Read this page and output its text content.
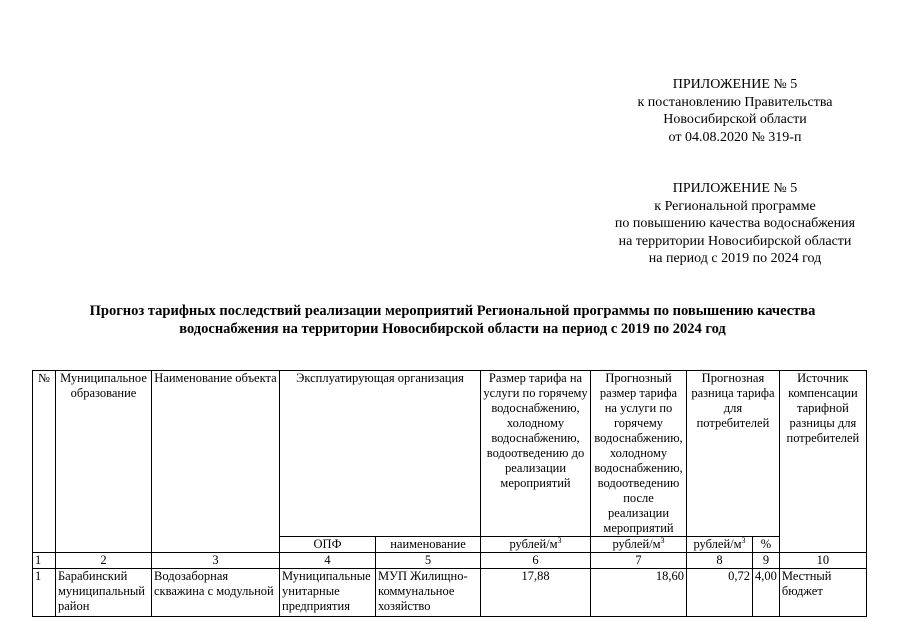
ПРИЛОЖЕНИЕ № 5
к постановлению Правительства
Новосибирской области
от 04.08.2020 № 319-п
ПРИЛОЖЕНИЕ № 5
к Региональной программе
по повышению качества водоснабжения
на территории Новосибирской области
на период с 2019 по 2024 год
Прогноз тарифных последствий реализации мероприятий Региональной программы по повышению качества
водоснабжения на территории Новосибирской области на период с 2019 по 2024 год
№	Муниципальное образование	Наименование объекта	Эксплуатирующая организация		Размер тарифа на услуги по горячему водоснабжению, холодному водоснабжению, водоотведению до реализации мероприятий	Прогнозный размер тарифа на услуги по горячему водоснабжению, холодному водоснабжению, водоотведению после реализации мероприятий	Прогнозная разница тарифа для потребителей		Источник компенсации тарифной разницы для потребителей
			ОПФ	наименование	рублей/$м^3$	рублей/$м^3$	рублей/$м^3$	%	
1	2	3	4	5	6	7	8	9	10
1	Барабинский муниципальный район	Водозаборная скважина с модульной	Муниципальные унитарные предприятия	МУП Жилищно-коммунальное хозяйство	17,88	18,60	0,72	4,00	Местный бюджет
